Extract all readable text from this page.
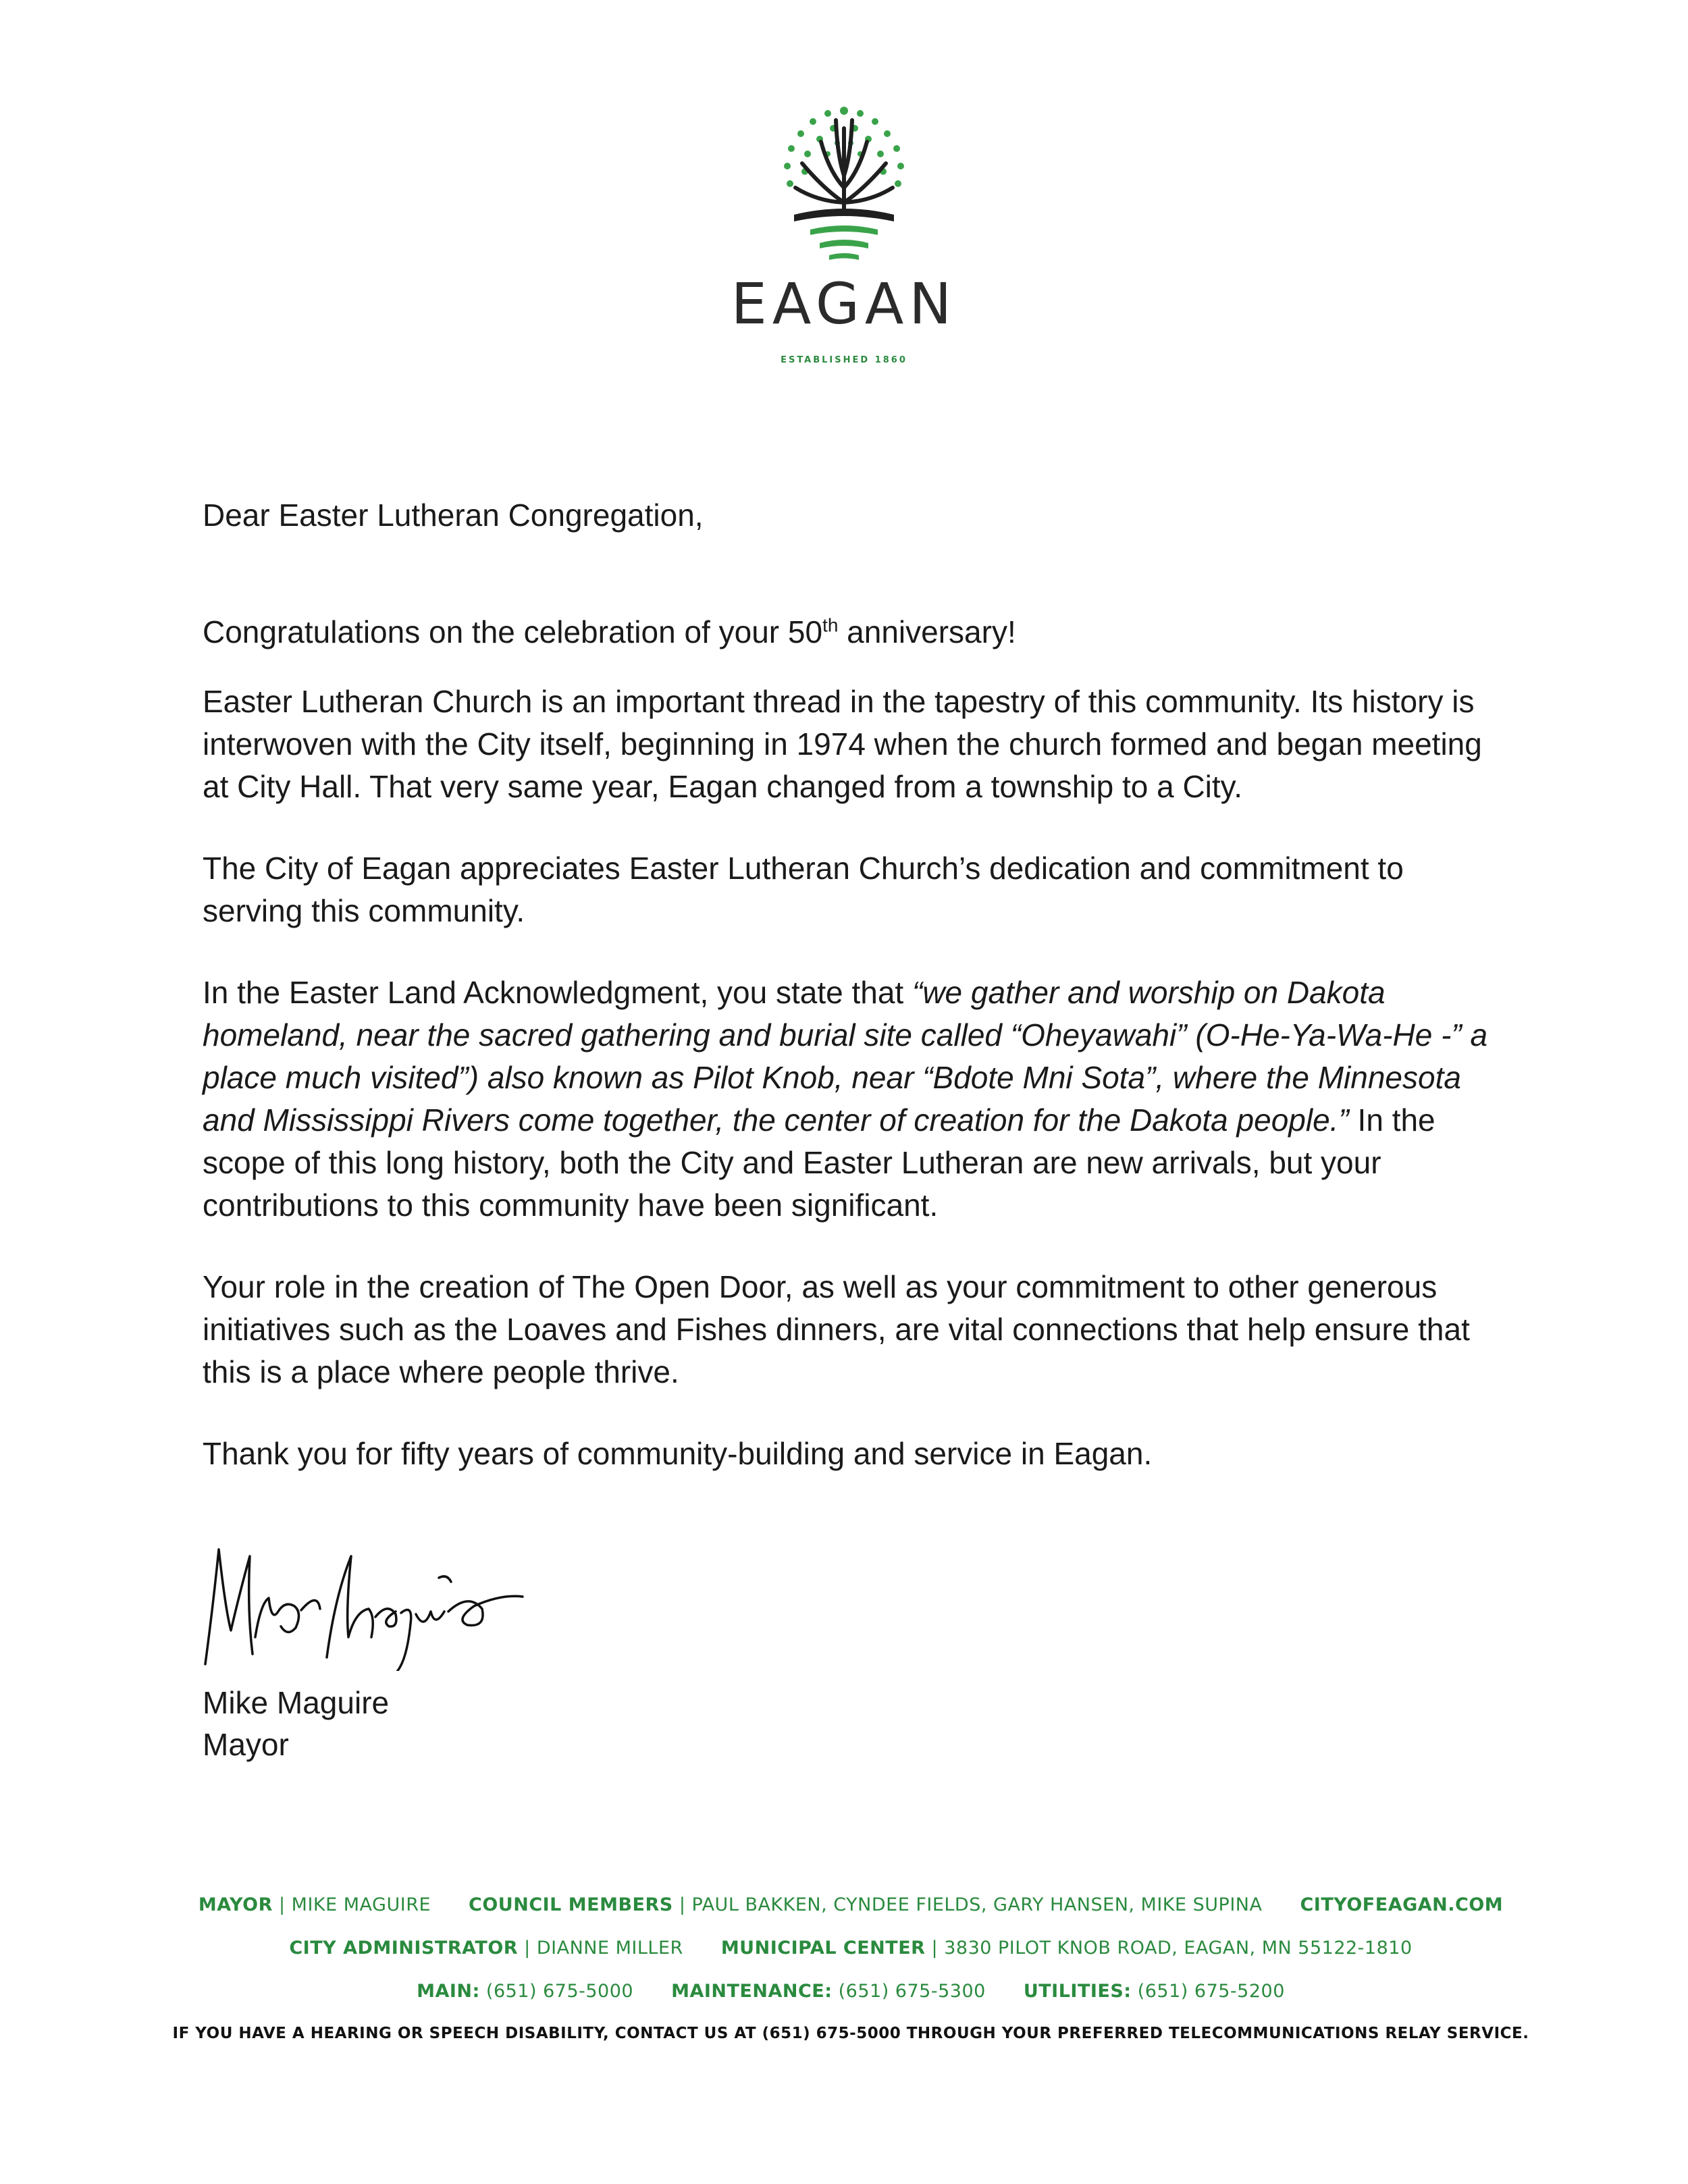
EAGAN
ESTABLISHED 1860

Dear Easter Lutheran Congregation,

Congratulations on the celebration of your 50th anniversary!

Easter Lutheran Church is an important thread in the tapestry of this community. Its history is interwoven with the City itself, beginning in 1974 when the church formed and began meeting at City Hall. That very same year, Eagan changed from a township to a City.

The City of Eagan appreciates Easter Lutheran Church’s dedication and commitment to serving this community.

In the Easter Land Acknowledgment, you state that “we gather and worship on Dakota homeland, near the sacred gathering and burial site called “Oheyawahi” (O-He-Ya-Wa-He -” a place much visited”) also known as Pilot Knob, near “Bdote Mni Sota”, where the Minnesota and Mississippi Rivers come together, the center of creation for the Dakota people.” In the scope of this long history, both the City and Easter Lutheran are new arrivals, but your contributions to this community have been significant.

Your role in the creation of The Open Door, as well as your commitment to other generous initiatives such as the Loaves and Fishes dinners, are vital connections that help ensure that this is a place where people thrive.

Thank you for fifty years of community-building and service in Eagan.

Mike Maguire
Mayor
MAYOR | MIKE MAGUIRE COUNCIL MEMBERS | PAUL BAKKEN, CYNDEE FIELDS, GARY HANSEN, MIKE SUPINA CITYOFEAGAN.COM
CITY ADMINISTRATOR | DIANNE MILLER MUNICIPAL CENTER | 3830 PILOT KNOB ROAD, EAGAN, MN 55122-1810
MAIN: (651) 675-5000 MAINTENANCE: (651) 675-5300 UTILITIES: (651) 675-5200
IF YOU HAVE A HEARING OR SPEECH DISABILITY, CONTACT US AT (651) 675-5000 THROUGH YOUR PREFERRED TELECOMMUNICATIONS RELAY SERVICE.
